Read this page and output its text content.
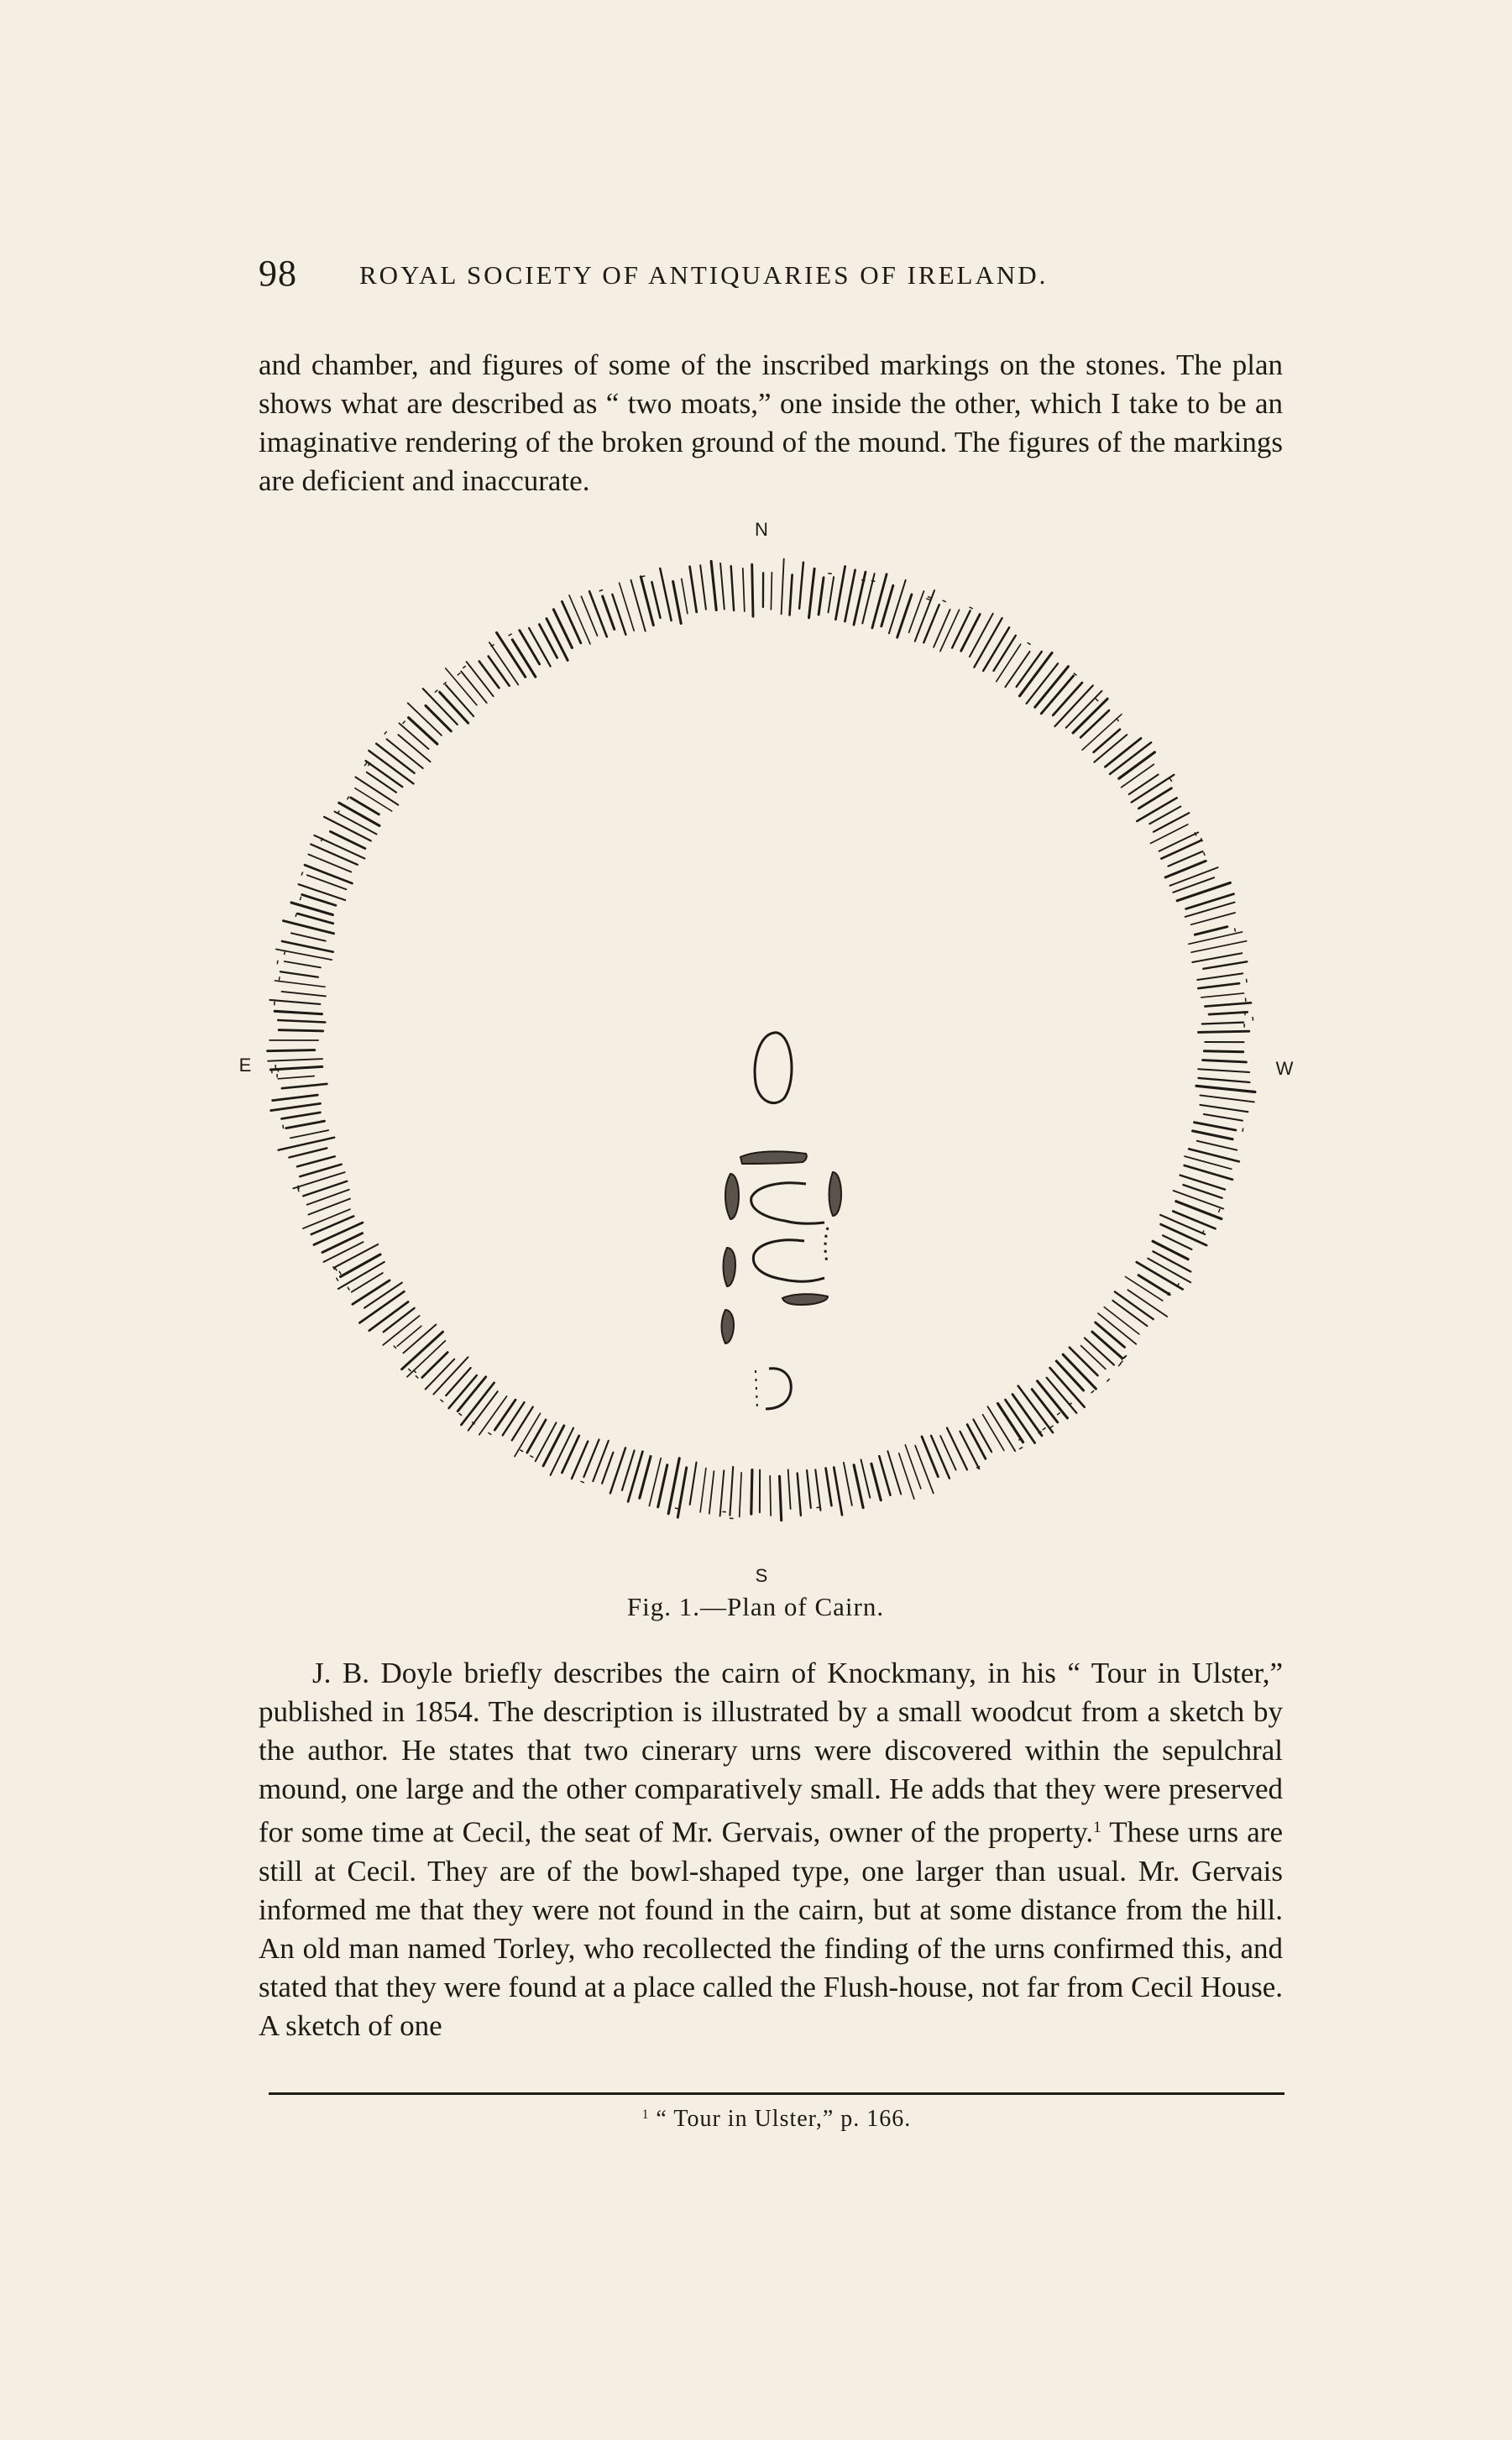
98 ROYAL SOCIETY OF ANTIQUARIES OF IRELAND.

and chamber, and figures of some of the inscribed markings on the stones. The plan shows what are described as “ two moats,” one inside the other, which I take to be an imaginative rendering of the broken ground of the mound. The figures of the markings are deficient and inaccurate.

N
E	W
S
Fig. 1.—Plan of Cairn.

J. B. Doyle briefly describes the cairn of Knockmany, in his “ Tour in Ulster,” published in 1854. The description is illustrated by a small woodcut from a sketch by the author. He states that two cinerary urns were discovered within the sepulchral mound, one large and the other comparatively small. He adds that they were preserved for some time at Cecil, the seat of Mr. Gervais, owner of the property.$^1$ These urns are still at Cecil. They are of the bowl-shaped type, one larger than usual. Mr. Gervais informed me that they were not found in the cairn, but at some distance from the hill. An old man named Torley, who recollected the finding of the urns confirmed this, and stated that they were found at a place called the Flush-house, not far from Cecil House. A sketch of one

$^1$ “ Tour in Ulster,” p. 166.
